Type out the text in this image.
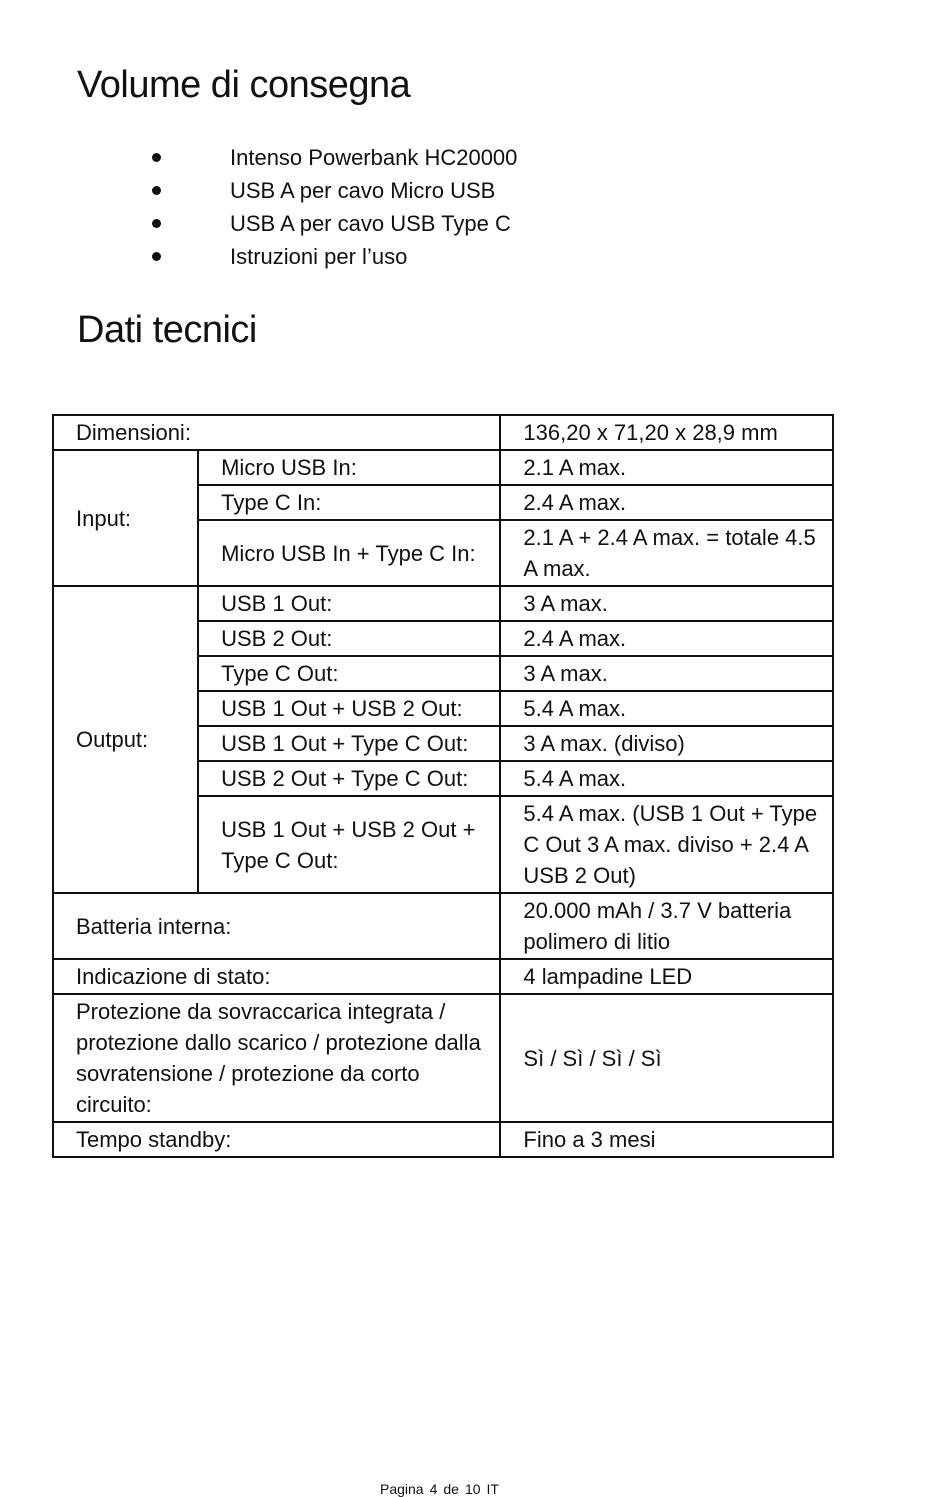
Volume di consegna
Intenso Powerbank HC20000
USB A per cavo Micro USB
USB A per cavo USB Type C
Istruzioni per l’uso
Dati tecnici
Dimensioni:		136,20 x 71,20 x 28,9 mm
Input:	Micro USB In:	2.1 A max.
	Type C In:	2.4 A max.
	Micro USB In + Type C In:	2.1 A + 2.4 A max. = totale 4.5 A max.
Output:	USB 1 Out:	3 A max.
	USB 2 Out:	2.4 A max.
	Type C Out:	3 A max.
	USB 1 Out + USB 2 Out:	5.4 A max.
	USB 1 Out + Type C Out:	3 A max. (diviso)
	USB 2 Out + Type C Out:	5.4 A max.
	USB 1 Out + USB 2 Out + Type C Out:	5.4 A max. (USB 1 Out + Type C Out 3 A max. diviso + 2.4 A USB 2 Out)
Batteria interna:		20.000 mAh / 3.7 V batteria polimero di litio
Indicazione di stato:		4 lampadine LED
Protezione da sovraccarica integrata / protezione dallo scarico / protezione dalla sovratensione / protezione da corto circuito:		Sì / Sì / Sì / Sì
Tempo standby:		Fino a 3 mesi
Pagina 4 de 10 IT
